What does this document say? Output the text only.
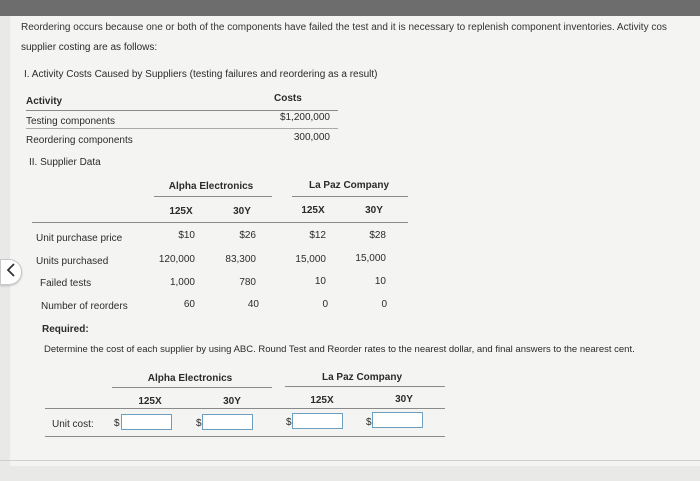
Reordering occurs because one or both of the components have failed the test and it is necessary to replenish component inventories. Activity cos
supplier costing are as follows:
I. Activity Costs Caused by Suppliers (testing failures and reordering as a result)
Activity	Costs
Testing components	$1,200,000
Reordering components	300,000
II. Supplier Data
Alpha Electronics	La Paz Company
125X	30Y	125X	30Y
Unit purchase price	$10	$26	$12	$28
Units purchased	120,000	83,300	15,000	15,000
Failed tests	1,000	780	10	10
Number of reorders	60	40	0	0
Required:
Determine the cost of each supplier by using ABC. Round Test and Reorder rates to the nearest dollar, and final answers to the nearest cent.
Alpha Electronics	La Paz Company
125X	30Y	125X	30Y
Unit cost: $	$	$	$
